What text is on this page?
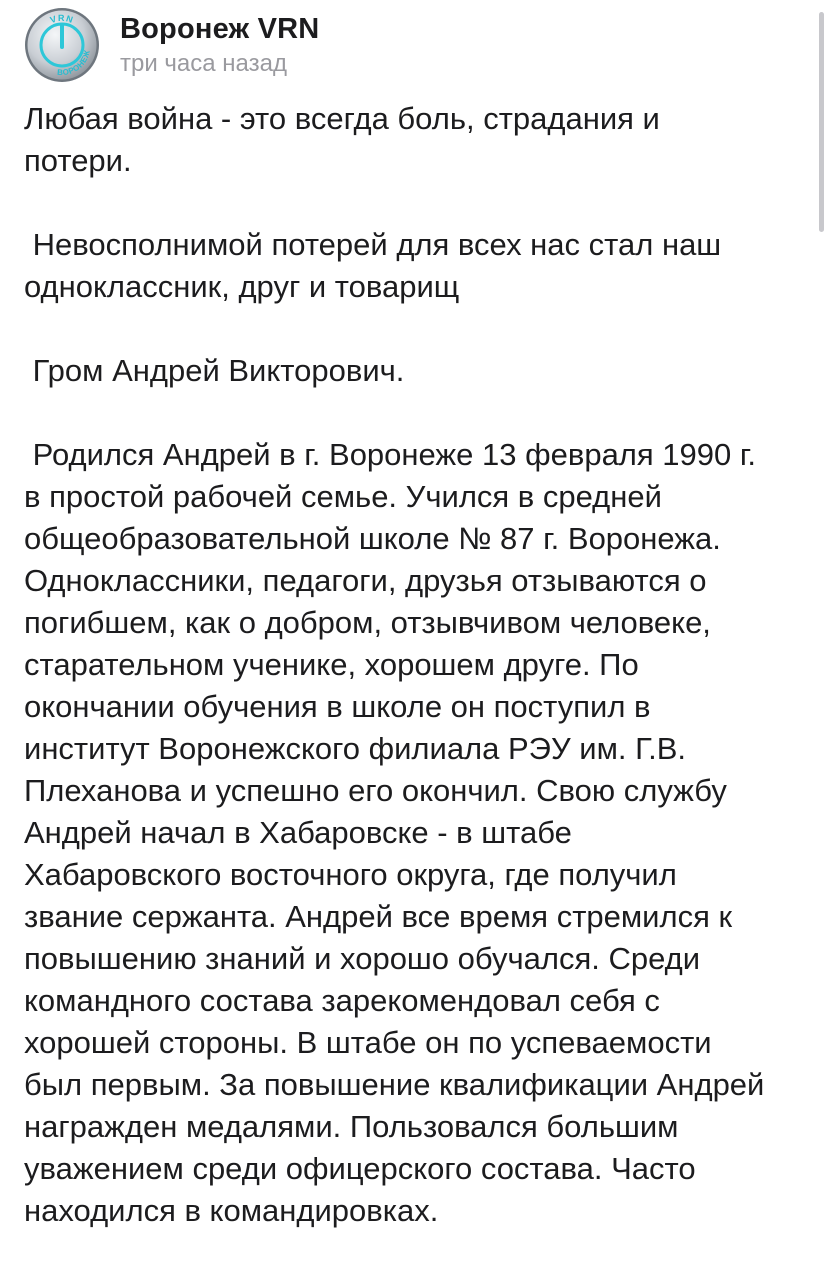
VRN
ВОРОНЕЖ
Воронеж VRN
три часа назад

Любая война - это всегда боль, страдания и
потери.

Невосполнимой потерей для всех нас стал наш
одноклассник, друг и товарищ

Гром Андрей Викторович.

Родился Андрей в г. Воронеже 13 февраля 1990 г.
в простой рабочей семье. Учился в средней
общеобразовательной школе № 87 г. Воронежа.
Одноклассники, педагоги, друзья отзываются о
погибшем, как о добром, отзывчивом человеке,
старательном ученике, хорошем друге. По
окончании обучения в школе он поступил в
институт Воронежского филиала РЭУ им. Г.В.
Плеханова и успешно его окончил. Свою службу
Андрей начал в Хабаровске - в штабе
Хабаровского восточного округа, где получил
звание сержанта. Андрей все время стремился к
повышению знаний и хорошо обучался. Среди
командного состава зарекомендовал себя с
хорошей стороны. В штабе он по успеваемости
был первым. За повышение квалификации Андрей
награжден медалями. Пользовался большим
уважением среди офицерского состава. Часто
находился в командировках.
